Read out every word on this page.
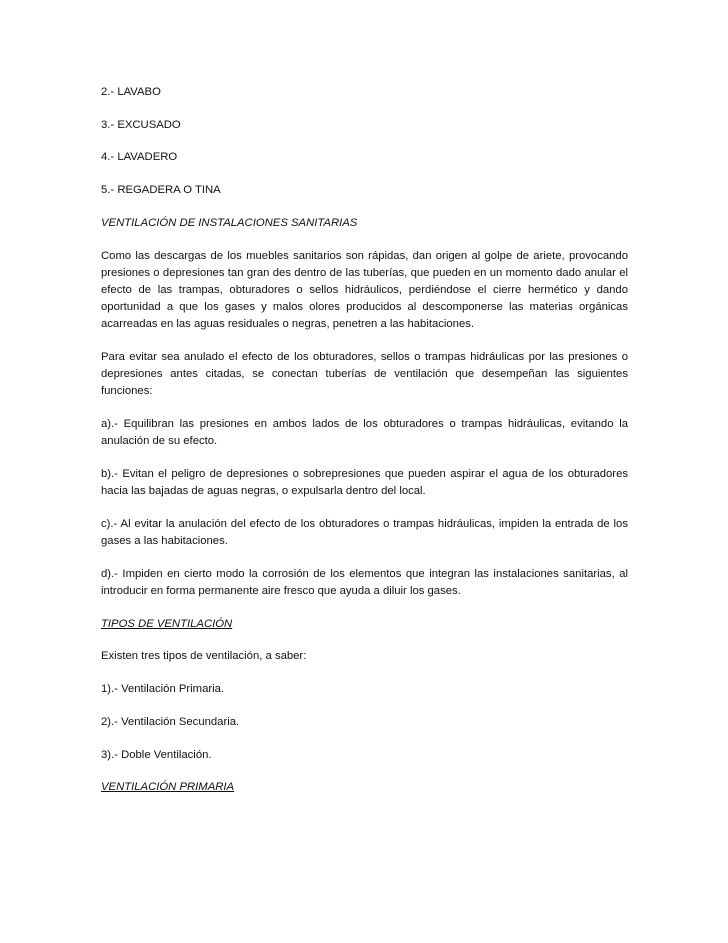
2.- LAVABO
3.- EXCUSADO
4.- LAVADERO
5.- REGADERA O TINA
VENTILACIÓN DE INSTALACIONES SANITARIAS

Como las descargas de los muebles sanitarios son rápidas, dan origen al golpe de ariete, provocando presiones o depresiones tan gran des dentro de las tuberías, que pueden en un momento dado anular el efecto de las trampas, obturadores o sellos hidráulicos, perdiéndose el cierre hermético y dando oportunidad a que los gases y malos olores producidos al descomponerse las materias orgánicas acarreadas en las aguas residuales o negras, penetren a las habitaciones.

Para evitar sea anulado el efecto de los obturadores, sellos o trampas hidráulicas por las presiones o depresiones antes citadas, se conectan tuberías de ventilación que desempeñan las siguientes funciones:

a).- Equilibran las presiones en ambos lados de los obturadores o trampas hidráulicas, evitando la anulación de su efecto.

b).- Evitan el peligro de depresiones o sobrepresiones que pueden aspirar el agua de los obturadores hacia las bajadas de aguas negras, o expulsarla dentro del local.

c).- Al evitar la anulación del efecto de los obturadores o trampas hidráulicas, impiden la entrada de los gases a las habitaciones.

d).- Impiden en cierto modo la corrosión de los elementos que integran las instalaciones sanitarias, al introducir en forma permanente aire fresco que ayuda a diluir los gases.

TIPOS DE VENTILACIÓN

Existen tres tipos de ventilación, a saber:

1).- Ventilación Primaria.
2).- Ventilación Secundaria.
3).- Doble Ventilación.
VENTILACIÓN PRIMARIA
